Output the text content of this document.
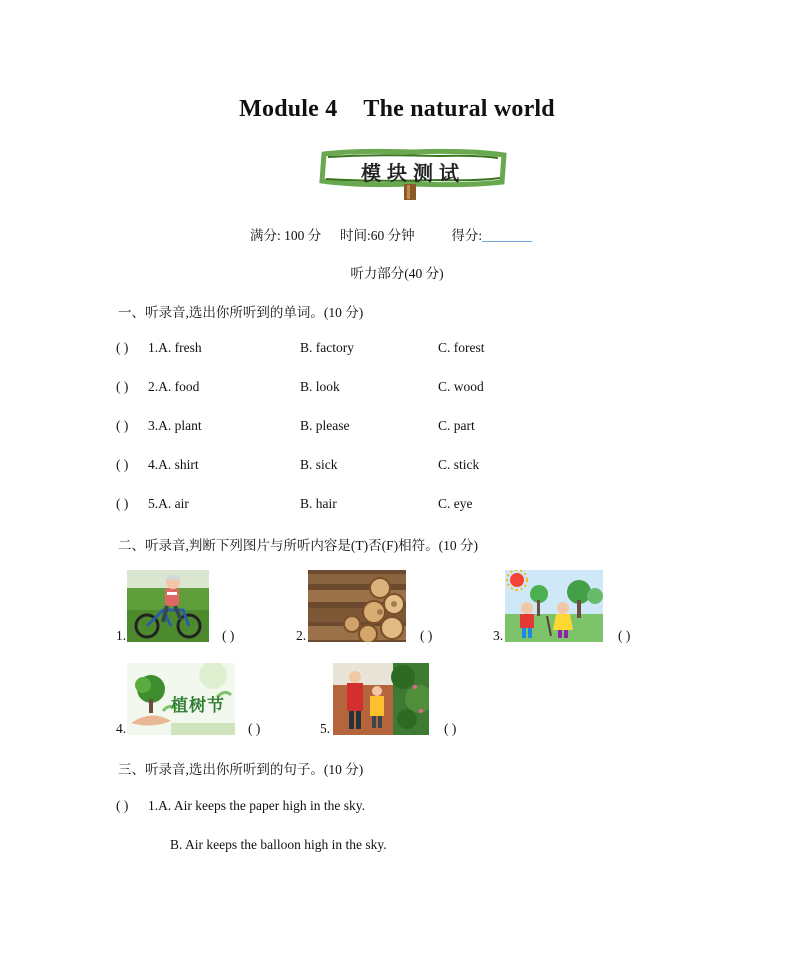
Module 4 The natural world
模块测试
满分: 100 分 时间:60 分钟	得分:
听力部分(40 分)
一、听录音,选出你所听到的单词。(10 分)
( ) 1.A. fresh	B. factory	C. forest
( ) 2.A. food	B. look	C. wood
( ) 3.A. plant	B. please	C. part
( ) 4.A. shirt	B. sick	C. stick
( ) 5.A. air	B. hair	C. eye
二、听录音,判断下列图片与所听内容是(T)否(F)相符。(10 分)
1.	( )	2.	( )	3.	( )
4.
植树节
( )	5.	( )
三、听录音,选出你所听到的句子。(10 分)
( ) 1.A. Air keeps the paper high in the sky.
B. Air keeps the balloon high in the sky.
